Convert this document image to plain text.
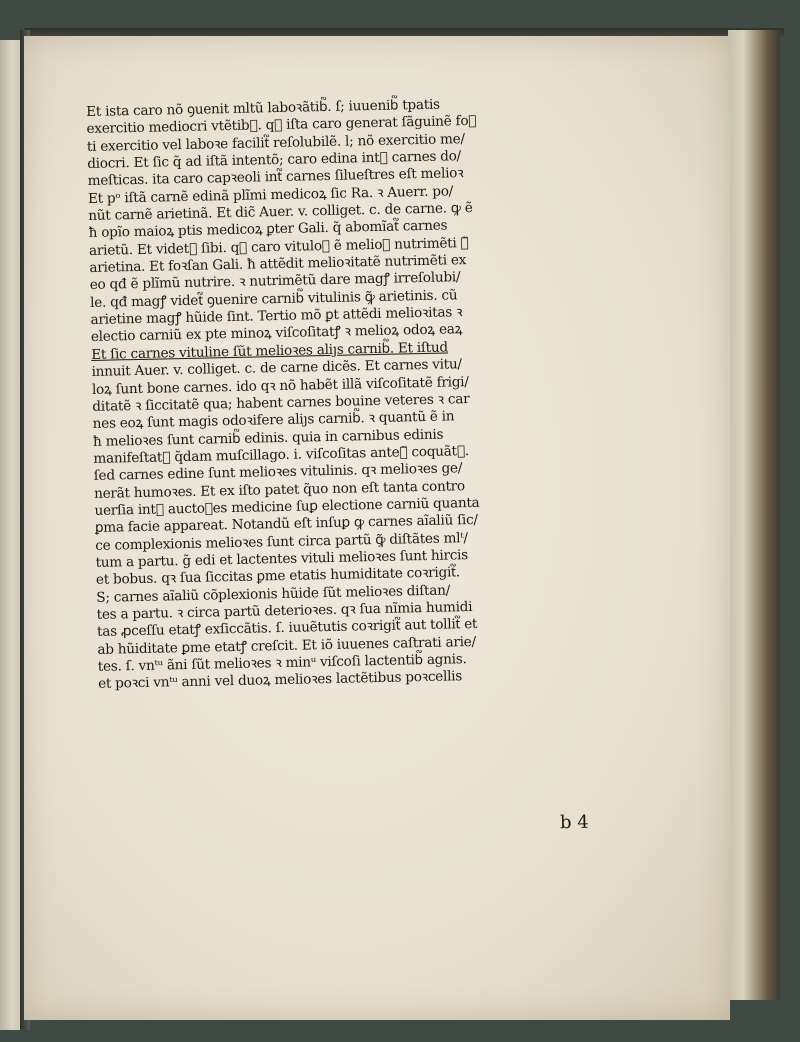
Et ista caro nõ ꝯuenit mltũ laboꝛãtib᷑. ſ; iuuenib᷑ tpatis
exercitio mediocri vtẽtib᷑. qꝛ iſta caro generat ſãguinẽ foꝛ
ti exercitio vel laboꝛe facilit᷑ reſolubilẽ. l; nõ exercitio me/
diocri. Et ſic q̃ ad iſtã intentõ; caro edina int᷑ carnes do/
meſticas. ita caro capꝛeoli int᷑ carnes ſilueſtres eſt melioꝛ
Et pᵒ iſtã carnẽ edinã plĩmi medicoꝝ ſic Ra. ꝛ Auerr. po/
nũt carnẽ arietinã. Et dic̃ Auer. v. colliget. c. de carne. ꝙ ẽ
ħ opĩo maioꝝ ptis medicoꝝ ꝑter Gali. q̃ abomĩat᷑ carnes
arietũ. Et videt᷑ ſibi. qꝛ caro vituloꝝ ẽ melioꝝ nutrimẽti ꝙ̃
arietina. Et foꝛſan Gali. ħ attẽdit melioꝛitatẽ nutrimẽti ex
eo qđ ẽ plĩmũ nutrire. ꝛ nutrimẽtũ dare magꝭ irreſolubi/
le. qđ magꝭ videt᷑ ꝯuenire carnib᷑ vitulinis ꝙ̃ arietinis. cũ
arietine magꝭ hũide ſint. Tertio mõ ꝑt attẽdi melioꝛitas ꝛ
electio carniũ ex pte minoꝝ viſcoſitatꝭ ꝛ melioꝝ odoꝝ eaꝝ
Et ſic carnes vituline ſũt melioꝛes aliȷs carnib᷑. Et iſtud
innuit Auer. v. colliget. c. de carne dicẽs. Et carnes vitu/
loꝝ ſunt bone carnes. ido qꝛ nõ habẽt illã viſcoſitatẽ frigi/
ditatẽ ꝛ ſiccitatẽ qua; habent carnes bouine veteres ꝛ car
nes eoꝝ ſunt magis odoꝛifere aliȷs carnib᷑. ꝛ quantũ ẽ in
ħ melioꝛes ſunt carnib᷑ edinis. quia in carnibus edinis
manifeſtat᷑ q̃dam muſcillago. i. viſcoſitas anteꝙ̃ coquãt᷑.
ſed carnes edine ſunt melioꝛes vitulinis. qꝛ melioꝛes ge/
nerãt humoꝛes. Et ex iſto patet q̃uo non eſt tanta contro
uerſia int᷑ auctoꝛes medicine ſuꝑ electione carniũ quanta
ꝑma facie appareat. Notandũ eſt inſuꝑ ꝙ carnes aĩaliũ ſic/
ce complexionis melioꝛes ſunt circa partũ ꝙ̃ diſtãtes mlᵗ/
tum a partu. g̃ edi et lactentes vituli melioꝛes ſunt hircis
et bobus. qꝛ ſua ſiccitas ꝑme etatis humiditate coꝛrigit᷑.
S; carnes aĩaliũ cõplexionis hũide ſũt melioꝛes diſtan/
tes a partu. ꝛ circa partũ deterioꝛes. qꝛ ſua nĩmia humidi
tas ꝓceſſu etatꝭ exſiccãtis. ſ. iuuẽtutis coꝛrigit᷑ aut tollit᷑ et
ab hũiditate ꝑme etatꝭ creſcit. Et iõ iuuenes caſtrati arie/
tes. ſ. vnᵗᵘ ãni ſũt melioꝛes ꝛ minᵘ viſcoſi lactentib᷑ agnis.
et poꝛci vnᵗᵘ anni vel duoꝝ melioꝛes lactẽtibus poꝛcellis
b 4
